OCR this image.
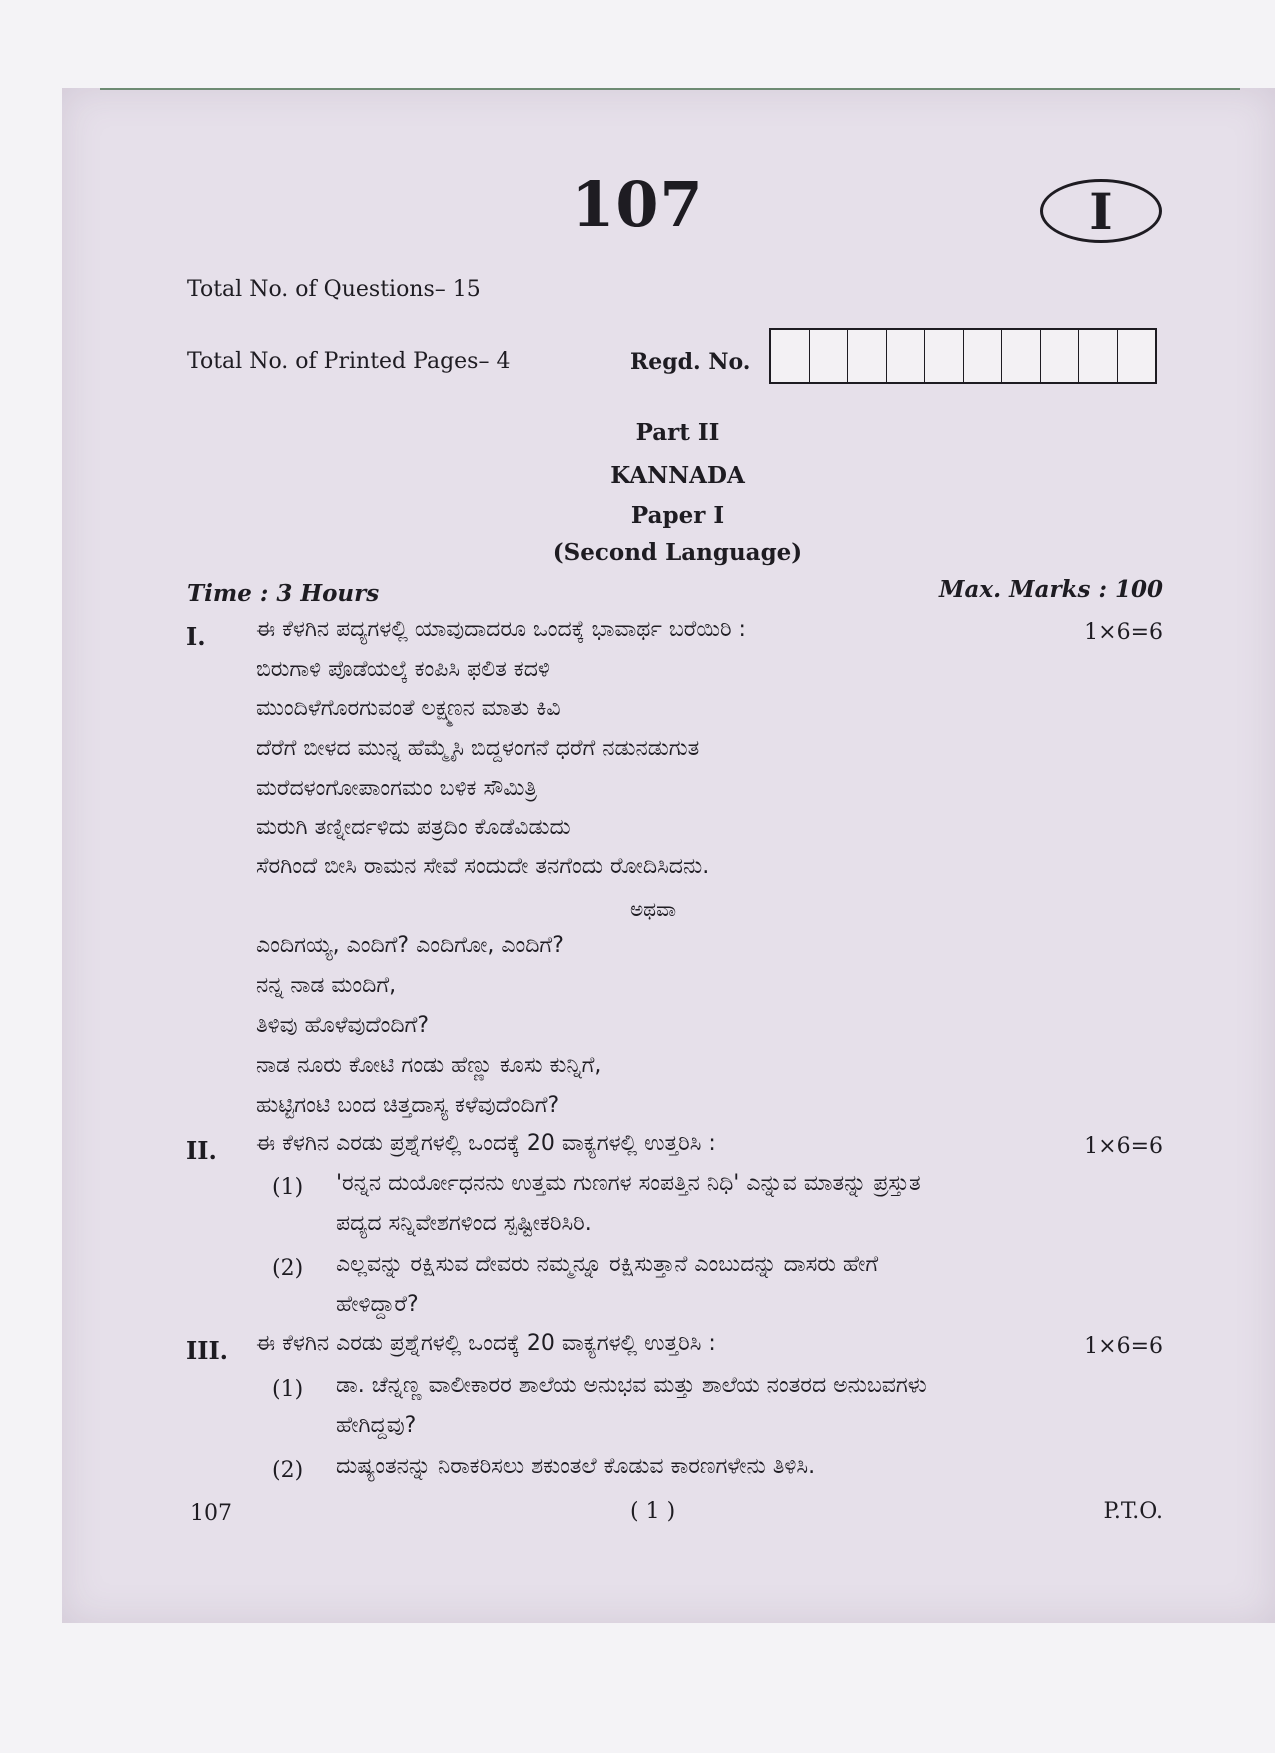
107	I
Total No. of Questions– 15
Total No. of Printed Pages– 4	Regd. No.
Part II
KANNADA
Paper I
(Second Language)
Time : 3 Hours	Max. Marks : 100
I. ಈ ಕೆಳಗಿನ ಪದ್ಯಗಳಲ್ಲಿ ಯಾವುದಾದರೂ ಒಂದಕ್ಕೆ ಭಾವಾರ್ಥ ಬರೆಯಿರಿ :	1×6=6
ಬಿರುಗಾಳಿ ಪೊಡೆಯಲ್ಕೆ ಕಂಪಿಸಿ ಫಲಿತ ಕದಳಿ
ಮುಂದಿಳೆಗೊರಗುವಂತೆ ಲಕ್ಷ್ಮಣನ ಮಾತು ಕಿವಿ
ದೆರೆಗೆ ಬೀಳದ ಮುನ್ನ ಹೆಮ್ಮೈಸಿ ಬಿದ್ದಳಂಗನೆ ಧರೆಗೆ ನಡುನಡುಗುತ
ಮರೆದಳಂಗೋಪಾಂಗಮಂ ಬಳಿಕ ಸೌಮಿತ್ರಿ
ಮರುಗಿ ತಣ್ನೀರ್ದಳಿದು ಪತ್ರದಿಂ ಕೊಡೆವಿಡುದು
ಸೆರಗಿಂದೆ ಬೀಸಿ ರಾಮನ ಸೇವೆ ಸಂದುದೇ ತನಗೆಂದು ರೋದಿಸಿದನು.
ಅಥವಾ
ಎಂದಿಗಯ್ಯ, ಎಂದಿಗೆ? ಎಂದಿಗೋ, ಎಂದಿಗೆ?
ನನ್ನ ನಾಡ ಮಂದಿಗೆ,
ತಿಳಿವು ಹೊಳೆವುದೆಂದಿಗೆ?
ನಾಡ ನೂರು ಕೋಟಿ ಗಂಡು ಹೆಣ್ಣು ಕೂಸು ಕುನ್ನಿಗೆ,
ಹುಟ್ಟಿಗಂಟಿ ಬಂದ ಚಿತ್ತದಾಸ್ಯ ಕಳೆವುದೆಂದಿಗೆ?
II. ಈ ಕೆಳಗಿನ ಎರಡು ಪ್ರಶ್ನೆಗಳಲ್ಲಿ ಒಂದಕ್ಕೆ 20 ವಾಕ್ಯಗಳಲ್ಲಿ ಉತ್ತರಿಸಿ :	1×6=6
(1) 'ರನ್ನನ ದುರ್ಯೋಧನನು ಉತ್ತಮ ಗುಣಗಳ ಸಂಪತ್ತಿನ ನಿಧಿ' ಎನ್ನುವ ಮಾತನ್ನು ಪ್ರಸ್ತುತ
ಪದ್ಯದ ಸನ್ನಿವೇಶಗಳಿಂದ ಸ್ಪಷ್ಟೀಕರಿಸಿರಿ.
(2) ಎಲ್ಲವನ್ನು ರಕ್ಷಿಸುವ ದೇವರು ನಮ್ಮನ್ನೂ ರಕ್ಷಿಸುತ್ತಾನೆ ಎಂಬುದನ್ನು ದಾಸರು ಹೇಗೆ
ಹೇಳಿದ್ದಾರೆ?
III. ಈ ಕೆಳಗಿನ ಎರಡು ಪ್ರಶ್ನೆಗಳಲ್ಲಿ ಒಂದಕ್ಕೆ 20 ವಾಕ್ಯಗಳಲ್ಲಿ ಉತ್ತರಿಸಿ :	1×6=6
(1) ಡಾ. ಚೆನ್ನಣ್ಣ ವಾಲೀಕಾರರ ಶಾಲೆಯ ಅನುಭವ ಮತ್ತು ಶಾಲೆಯ ನಂತರದ ಅನುಬವಗಳು
ಹೇಗಿದ್ದವು?
(2) ದುಷ್ಯಂತನನ್ನು ನಿರಾಕರಿಸಲು ಶಕುಂತಲೆ ಕೊಡುವ ಕಾರಣಗಳೇನು ತಿಳಿಸಿ.
107	( 1 )	P.T.O.
